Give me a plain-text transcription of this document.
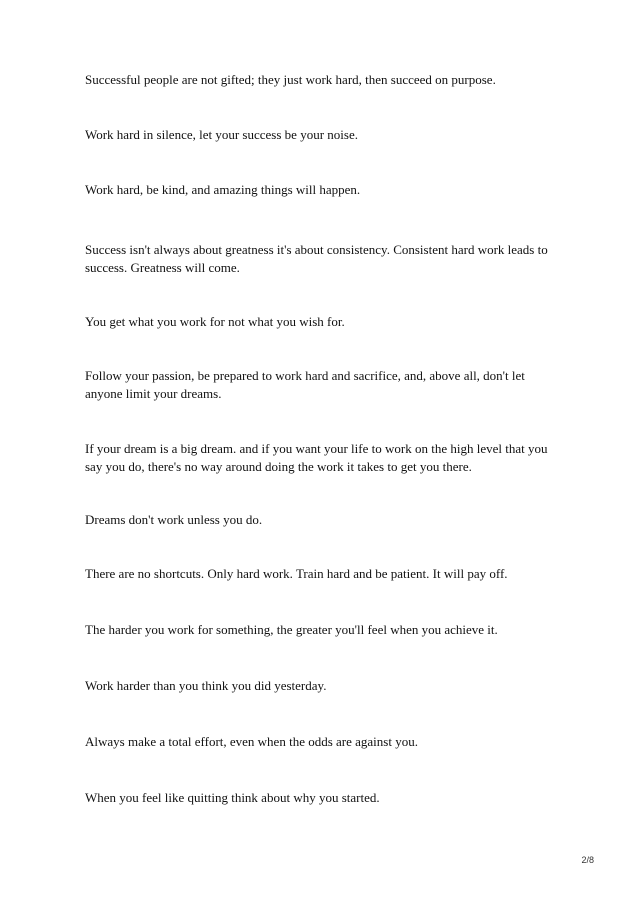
Successful people are not gifted; they just work hard, then succeed on purpose.

Work hard in silence, let your success be your noise.

Work hard, be kind, and amazing things will happen.

Success isn't always about greatness it's about consistency. Consistent hard work leads to success. Greatness will come.

You get what you work for not what you wish for.

Follow your passion, be prepared to work hard and sacrifice, and, above all, don't let anyone limit your dreams.

If your dream is a big dream. and if you want your life to work on the high level that you say you do, there's no way around doing the work it takes to get you there.

Dreams don't work unless you do.

There are no shortcuts. Only hard work. Train hard and be patient. It will pay off.

The harder you work for something, the greater you'll feel when you achieve it.

Work harder than you think you did yesterday.

Always make a total effort, even when the odds are against you.

When you feel like quitting think about why you started.

2/8
